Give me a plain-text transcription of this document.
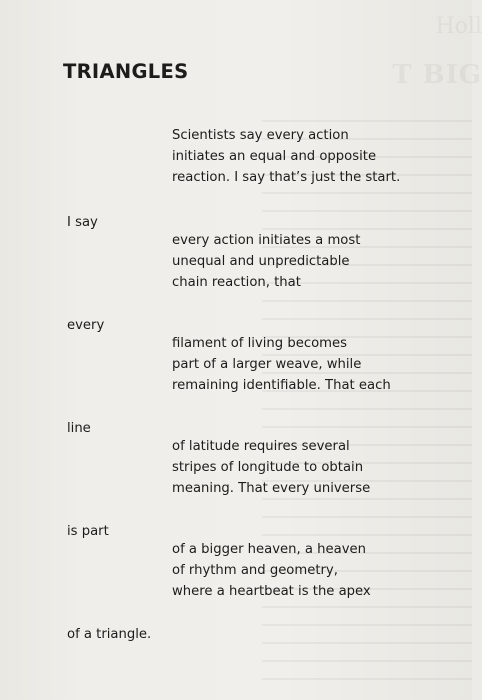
Holl
T BIG
TRIANGLES
Scientists say every action
initiates an equal and opposite
reaction. I say that’s just the start.
I say
every action initiates a most
unequal and unpredictable
chain reaction, that
every
filament of living becomes
part of a larger weave, while
remaining identifiable. That each
line
of latitude requires several
stripes of longitude to obtain
meaning. That every universe
is part
of a bigger heaven, a heaven
of rhythm and geometry,
where a heartbeat is the apex
of a triangle.
